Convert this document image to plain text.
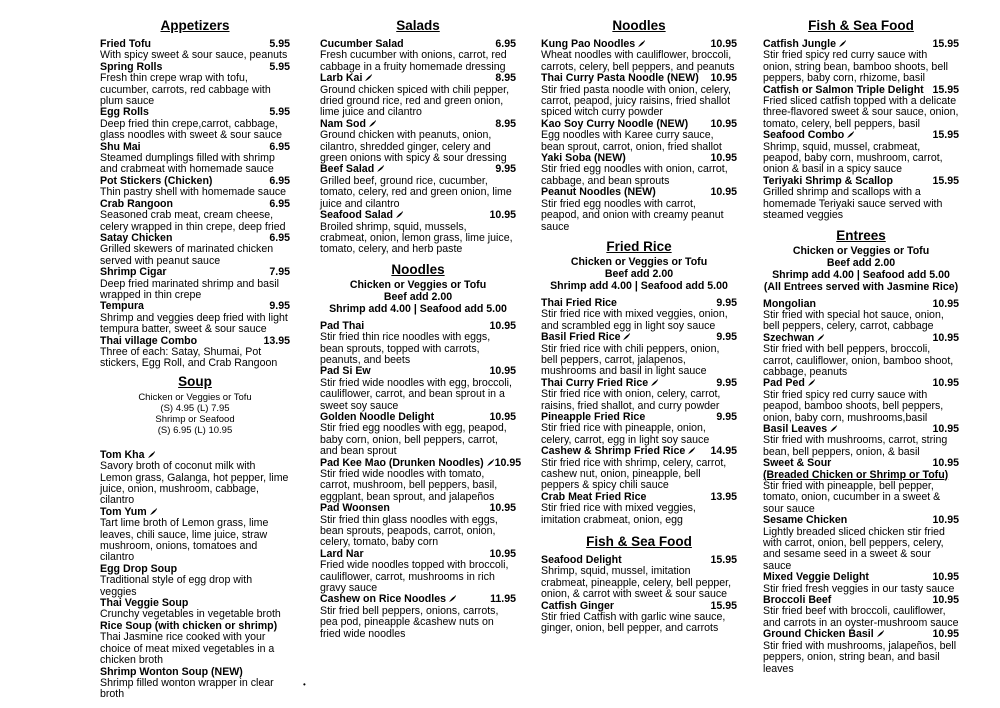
Appetizers
Fried Tofu	5.95
With spicy sweet & sour sauce, peanuts
Spring Rolls	5.95
Fresh thin crepe wrap with tofu, cucumber, carrots, red cabbage with plum sauce
Egg Rolls	5.95
Deep fried thin crepe,carrot, cabbage, glass noodles with sweet & sour sauce
Shu Mai	6.95
Steamed dumplings filled with shrimp and crabmeat with homemade sauce
Pot Stickers (Chicken)	6.95
Thin pastry shell with homemade sauce
Crab Rangoon	6.95
Seasoned crab meat, cream cheese, celery wrapped in thin crepe, deep fried
Satay Chicken	6.95
Grilled skewers of marinated chicken served with peanut sauce
Shrimp Cigar	7.95
Deep fried marinated shrimp and basil wrapped in thin crepe
Tempura	9.95
Shrimp and veggies deep fried with light tempura batter, sweet & sour sauce
Thai village Combo	13.95
Three of each: Satay, Shumai, Pot stickers, Egg Roll, and Crab Rangoon
Soup
Chicken or Veggies or Tofu
(S) 4.95 (L) 7.95
Shrimp or Seafood
(S) 6.95 (L) 10.95
Tom Kha
Savory broth of coconut milk with Lemon grass, Galanga, hot pepper, lime juice, onion, mushroom, cabbage, cilantro
Tom Yum
Tart lime broth of Lemon grass, lime leaves, chili sauce, lime juice, straw mushroom, onions, tomatoes and cilantro
Egg Drop Soup
Traditional style of egg drop with veggies
Thai Veggie Soup
Crunchy vegetables in vegetable broth
Rice Soup (with chicken or shrimp)
Thai Jasmine rice cooked with your choice of meat mixed vegetables in a chicken broth
Shrimp Wonton Soup (NEW)
Shrimp filled wonton wrapper in clear broth
Salads
Cucumber Salad	6.95
Fresh cucumber with onions, carrot, red cabbage in a fruity homemade dressing
Larb Kai	8.95
Ground chicken spiced with chili pepper, dried ground rice, red and green onion, lime juice and cilantro
Nam Sod	8.95
Ground chicken with peanuts, onion, cilantro, shredded ginger, celery and green onions with spicy & sour dressing
Beef Salad	9.95
Grilled beef, ground rice, cucumber, tomato, celery, red and green onion, lime juice and cilantro
Seafood Salad	10.95
Broiled shrimp, squid, mussels, crabmeat, onion, lemon grass, lime juice, tomato, celery, and herb paste
Noodles
Chicken or Veggies or Tofu
Beef add 2.00
Shrimp add 4.00 | Seafood add 5.00
Pad Thai	10.95
Stir fried thin rice noodles with eggs, bean sprouts, topped with carrots, peanuts, and beets
Pad Si Ew	10.95
Stir fried wide noodles with egg, broccoli, cauliflower, carrot, and bean sprout in a sweet soy sauce
Golden Noodle Delight	10.95
Stir fried egg noodles with egg, peapod, baby corn, onion, bell peppers, carrot, and bean sprout
Pad Kee Mao (Drunken Noodles)	10.95
Stir fried wide noodles with tomato, carrot, mushroom, bell peppers, basil, eggplant, bean sprout, and jalapeños
Pad Woonsen	10.95
Stir fried thin glass noodles with eggs, bean sprouts, peapods, carrot, onion, celery, tomato, baby corn
Lard Nar	10.95
Fried wide noodles topped with broccoli, cauliflower, carrot, mushrooms in rich gravy sauce
Cashew on Rice Noodles	11.95
Stir fried bell peppers, onions, carrots, pea pod, pineapple &cashew nuts on fried wide noodles
Noodles
Kung Pao Noodles	10.95
Wheat noodles with cauliflower, broccoli, carrots, celery, bell peppers, and peanuts
Thai Curry Pasta Noodle (NEW) 10.95
Stir fried pasta noodle with onion, celery, carrot, peapod, juicy raisins, fried shallot spiced witch curry powder
Kao Soy Curry Noodle (NEW) 10.95
Egg noodles with Karee curry sauce, bean sprout, carrot, onion, fried shallot
Yaki Soba (NEW)	10.95
Stir fried egg noodles with onion, carrot, cabbage, and bean sprouts
Peanut Noodles (NEW)	10.95
Stir fried egg noodles with carrot, peapod, and onion with creamy peanut sauce
Fried Rice
Chicken or Veggies or Tofu
Beef add 2.00
Shrimp add 4.00 | Seafood add 5.00
Thai Fried Rice	9.95
Stir fried rice with mixed veggies, onion, and scrambled egg in light soy sauce
Basil Fried Rice	9.95
Stir fried rice with chili peppers, onion, bell peppers, carrot, jalapenos, mushrooms and basil in light sauce
Thai Curry Fried Rice	9.95
Stir fried rice with onion, celery, carrot, raisins, fried shallot, and curry powder
Pineapple Fried Rice	9.95
Stir fried rice with pineapple, onion, celery, carrot, egg in light soy sauce
Cashew & Shrimp Fried Rice	14.95
Stir fried rice with shrimp, celery, carrot, cashew nut, onion, pineapple, bell peppers & spicy chili sauce
Crab Meat Fried Rice	13.95
Stir fried rice with mixed veggies, imitation crabmeat, onion, egg
Fish & Sea Food
Seafood Delight	15.95
Shrimp, squid, mussel, imitation crabmeat, pineapple, celery, bell pepper, onion, & carrot with sweet & sour sauce
Catfish Ginger	15.95
Stir fried Catfish with garlic wine sauce, ginger, onion, bell pepper, and carrots
Fish & Sea Food
Catfish Jungle	15.95
Stir fried spicy red curry sauce with onion, string bean, bamboo shoots, bell peppers, baby corn, rhizome, basil
Catfish or Salmon Triple Delight 15.95
Fried sliced catfish topped with a delicate three-flavored sweet & sour sauce, onion, tomato, celery, bell peppers, basil
Seafood Combo	15.95
Shrimp, squid, mussel, crabmeat, peapod, baby corn, mushroom, carrot, onion & basil in a spicy sauce
Teriyaki Shrimp & Scallop	15.95
Grilled shrimp and scallops with a homemade Teriyaki sauce served with steamed veggies
Entrees
Chicken or Veggies or Tofu
Beef add 2.00
Shrimp add 4.00 | Seafood add 5.00
(All Entrees served with Jasmine Rice)
Mongolian	10.95
Stir fried with special hot sauce, onion, bell peppers, celery, carrot, cabbage
Szechwan	10.95
Stir fried with bell peppers, broccoli, carrot, cauliflower, onion, bamboo shoot, cabbage, peanuts
Pad Ped	10.95
Stir fried spicy red curry sauce with peapod, bamboo shoots, bell peppers, onion, baby corn, mushrooms,basil
Basil Leaves	10.95
Stir fried with mushrooms, carrot, string bean, bell peppers, onion, & basil
Sweet & Sour	10.95
(Breaded Chicken or Shrimp or Tofu)
Stir fried with pineapple, bell pepper, tomato, onion, cucumber in a sweet & sour sauce
Sesame Chicken	10.95
Lightly breaded sliced chicken stir fried with carrot, onion, bell peppers, celery, and sesame seed in a sweet & sour sauce
Mixed Veggie Delight	10.95
Stir fried fresh veggies in our tasty sauce
Broccoli Beef	10.95
Stir fried beef with broccoli, cauliflower, and carrots in an oyster-mushroom sauce
Ground Chicken Basil	10.95
Stir fried with mushrooms, jalapeños, bell peppers, onion, string bean, and basil leaves
•
